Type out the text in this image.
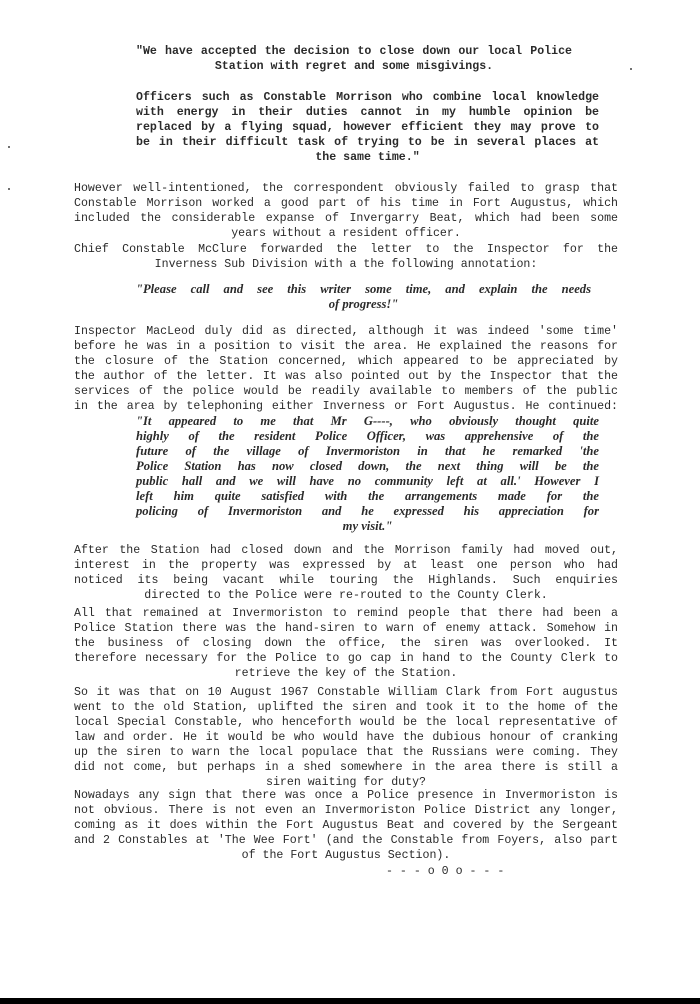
"We have accepted the decision to close down our local Police
Station with regret and some misgivings.
Officers such as Constable Morrison who combine local knowledge
with energy in their duties cannot in my humble opinion be
replaced by a flying squad, however efficient they may prove to
be in their difficult task of trying to be in several places at
the same time."
However well-intentioned, the correspondent obviously failed to grasp that
Constable Morrison worked a good part of his time in Fort Augustus, which
included the considerable expanse of Invergarry Beat, which had been some
years without a resident officer.
Chief Constable McClure forwarded the letter to the Inspector for the
Inverness Sub Division with a the following annotation:
"Please call and see this writer some time, and explain the needs
of progress!"
Inspector MacLeod duly did as directed, although it was indeed 'some time'
before he was in a position to visit the area. He explained the reasons for
the closure of the Station concerned, which appeared to be appreciated by
the author of the letter. It was also pointed out by the Inspector that the
services of the police would be readily available to members of the public
in the area by telephoning either Inverness or Fort Augustus. He continued:
"It appeared to me that Mr G----, who obviously thought quite
highly of the resident Police Officer, was apprehensive of the
future of the village of Invermoriston in that he remarked 'the
Police Station has now closed down, the next thing will be the
public hall and we will have no community left at all.' However I
left him quite satisfied with the arrangements made for the
policing of Invermoriston and he expressed his appreciation for
my visit."
After the Station had closed down and the Morrison family had moved out,
interest in the property was expressed by at least one person who had
noticed its being vacant while touring the Highlands. Such enquiries
directed to the Police were re-routed to the County Clerk.
All that remained at Invermoriston to remind people that there had been a
Police Station there was the hand-siren to warn of enemy attack. Somehow in
the business of closing down the office, the siren was overlooked. It
therefore necessary for the Police to go cap in hand to the County Clerk to
retrieve the key of the Station.
So it was that on 10 August 1967 Constable William Clark from Fort augustus
went to the old Station, uplifted the siren and took it to the home of the
local Special Constable, who henceforth would be the local representative of
law and order. He it would be who would have the dubious honour of cranking
up the siren to warn the local populace that the Russians were coming. They
did not come, but perhaps in a shed somewhere in the area there is still a
siren waiting for duty?
Nowadays any sign that there was once a Police presence in Invermoriston is
not obvious. There is not even an Invermoriston Police District any longer,
coming as it does within the Fort Augustus Beat and covered by the Sergeant
and 2 Constables at 'The Wee Fort' (and the Constable from Foyers, also part
of the Fort Augustus Section).
- - - o 0 o - - -
